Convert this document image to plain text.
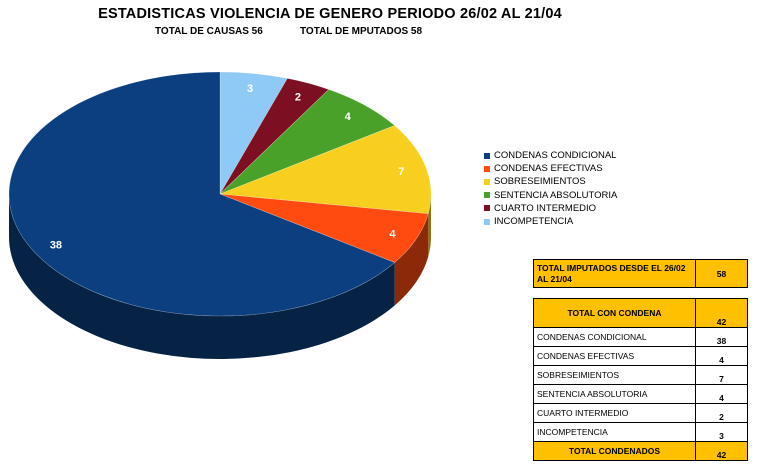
ESTADISTICAS VIOLENCIA DE GENERO PERIODO 26/02 AL 21/04
TOTAL DE CAUSAS 56	TOTAL DE MPUTADOS 58
3
2
4
7
4
38
CONDENAS CONDICIONAL
CONDENAS EFECTIVAS
SOBRESEIMIENTOS
SENTENCIA ABSOLUTORIA
CUARTO INTERMEDIO
INCOMPETENCIA
TOTAL IMPUTADOS DESDE EL 26/02 AL 21/04	58
TOTAL CON CONDENA	42
CONDENAS CONDICIONAL	38
CONDENAS EFECTIVAS	4
SOBRESEIMIENTOS	7
SENTENCIA ABSOLUTORIA	4
CUARTO INTERMEDIO	2
INCOMPETENCIA	3
TOTAL CONDENADOS	42
